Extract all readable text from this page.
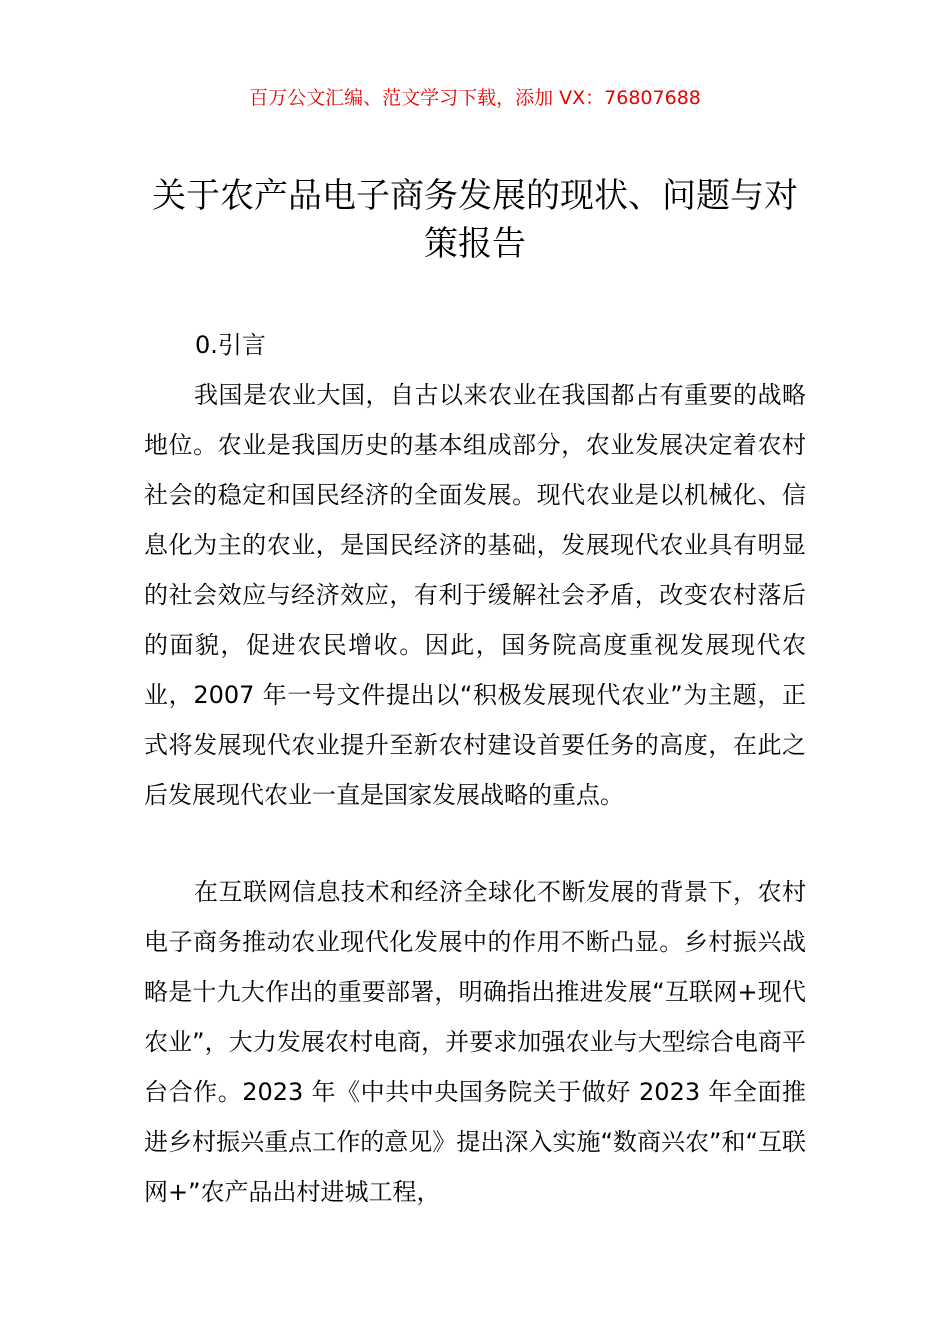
百万公文汇编、范文学习下载，添加 VX：76807688
关于农产品电子商务发展的现状、问题与对策报告
0.引言

我国是农业大国，自古以来农业在我国都占有重要的战略地位。农业是我国历史的基本组成部分，农业发展决定着农村社会的稳定和国民经济的全面发展。现代农业是以机械化、信息化为主的农业，是国民经济的基础，发展现代农业具有明显的社会效应与经济效应，有利于缓解社会矛盾，改变农村落后的面貌，促进农民增收。因此，国务院高度重视发展现代农业，2007 年一号文件提出以“积极发展现代农业”为主题，正式将发展现代农业提升至新农村建设首要任务的高度，在此之后发展现代农业一直是国家发展战略的重点。

在互联网信息技术和经济全球化不断发展的背景下，农村电子商务推动农业现代化发展中的作用不断凸显。乡村振兴战略是十九大作出的重要部署，明确指出推进发展“互联网+现代农业”，大力发展农村电商，并要求加强农业与大型综合电商平台合作。2023 年《中共中央国务院关于做好 2023 年全面推进乡村振兴重点工作的意见》提出深入实施“数商兴农”和“互联网+”农产品出村进城工程，
